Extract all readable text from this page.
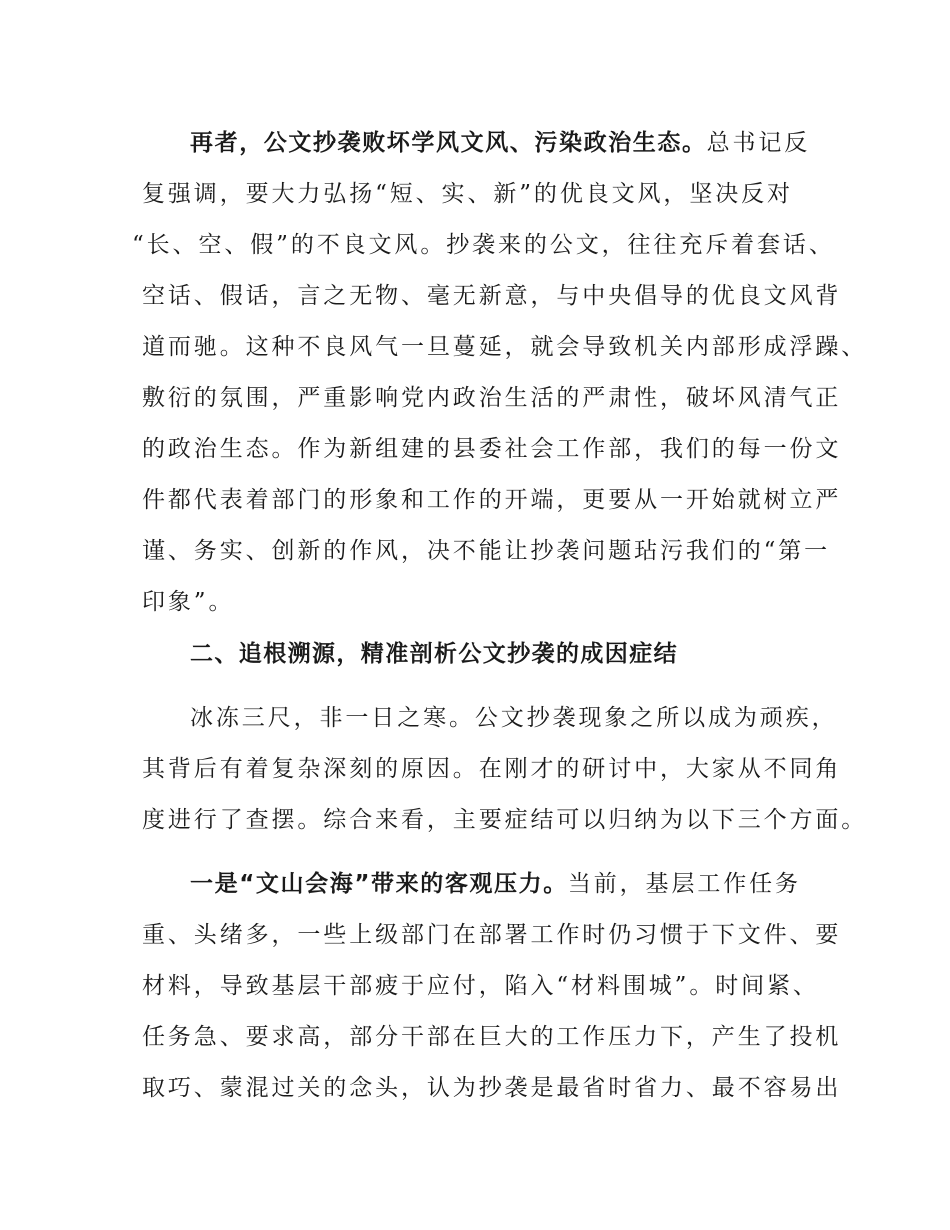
再者，公文抄袭败坏学风文风、污染政治生态。总书记反
复强调，要大力弘扬“短、实、新”的优良文风，坚决反对
“长、空、假”的不良文风。抄袭来的公文，往往充斥着套话、
空话、假话，言之无物、毫无新意，与中央倡导的优良文风背
道而驰。这种不良风气一旦蔓延，就会导致机关内部形成浮躁、
敷衍的氛围，严重影响党内政治生活的严肃性，破坏风清气正
的政治生态。作为新组建的县委社会工作部，我们的每一份文
件都代表着部门的形象和工作的开端，更要从一开始就树立严
谨、务实、创新的作风，决不能让抄袭问题玷污我们的“第一
印象”。
二、追根溯源，精准剖析公文抄袭的成因症结
冰冻三尺，非一日之寒。公文抄袭现象之所以成为顽疾，
其背后有着复杂深刻的原因。在刚才的研讨中，大家从不同角
度进行了查摆。综合来看，主要症结可以归纳为以下三个方面。
一是“文山会海”带来的客观压力。当前，基层工作任务
重、头绪多，一些上级部门在部署工作时仍习惯于下文件、要
材料，导致基层干部疲于应付，陷入“材料围城”。时间紧、
任务急、要求高，部分干部在巨大的工作压力下，产生了投机
取巧、蒙混过关的念头，认为抄袭是最省时省力、最不容易出
